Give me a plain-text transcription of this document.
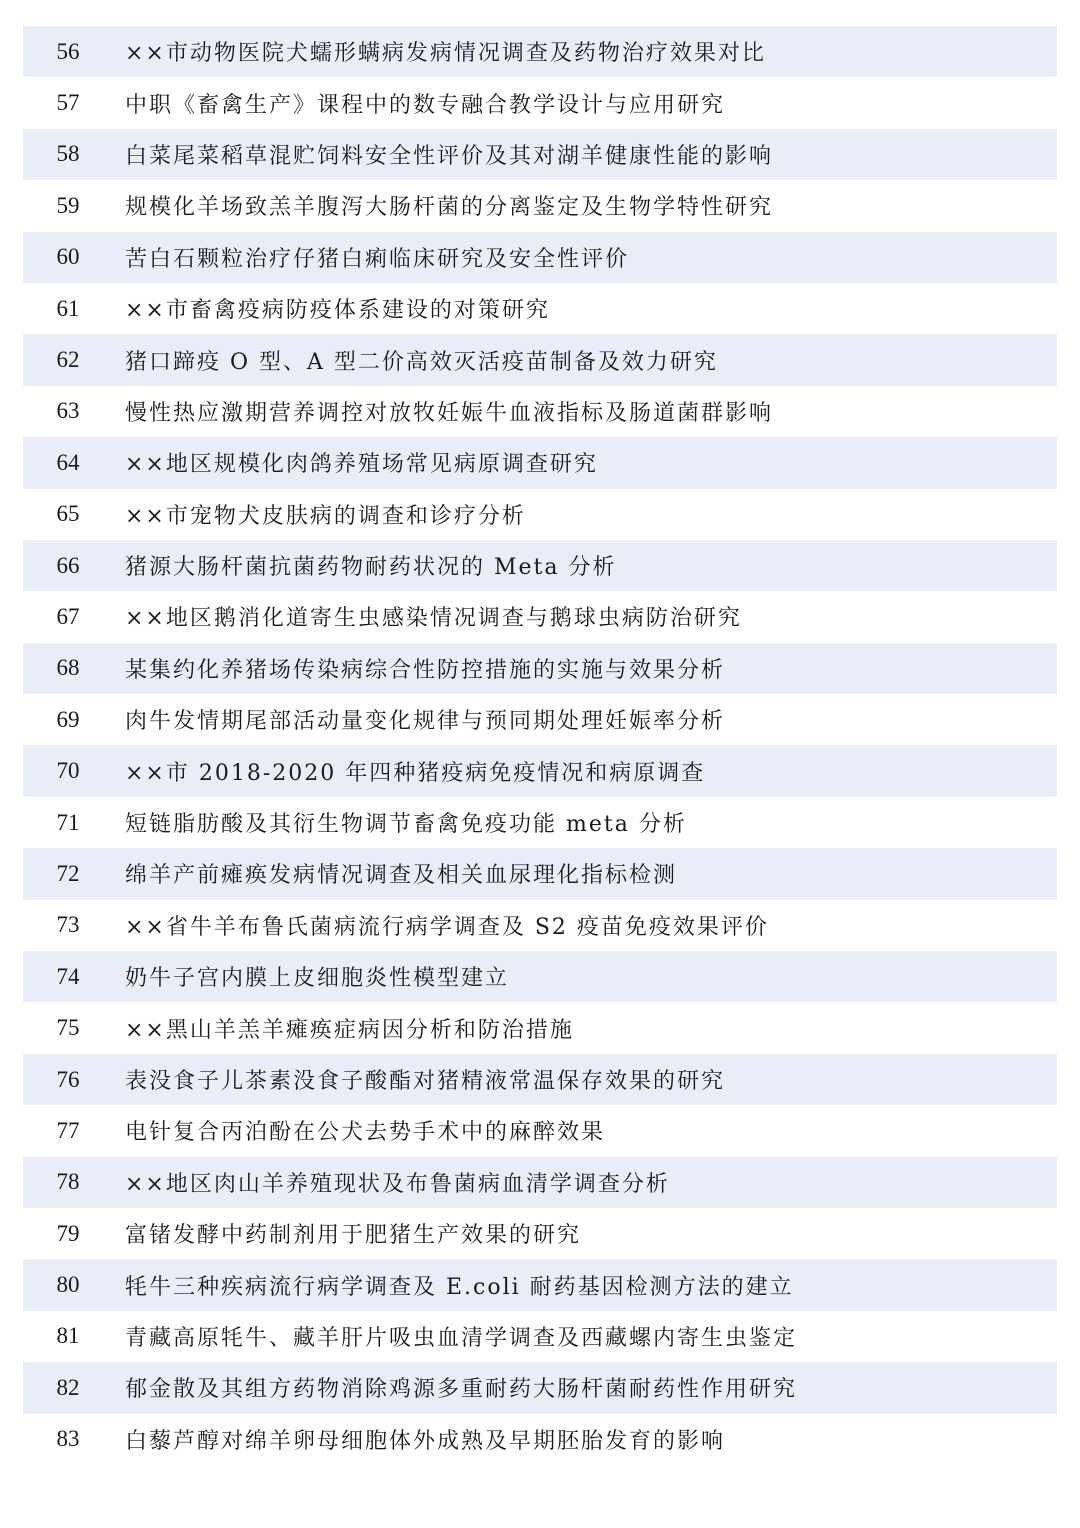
56	××市动物医院犬蠕形螨病发病情况调查及药物治疗效果对比
57	中职《畜禽生产》课程中的数专融合教学设计与应用研究
58	白菜尾菜稻草混贮饲料安全性评价及其对湖羊健康性能的影响
59	规模化羊场致羔羊腹泻大肠杆菌的分离鉴定及生物学特性研究
60	苦白石颗粒治疗仔猪白痢临床研究及安全性评价
61	××市畜禽疫病防疫体系建设的对策研究
62	猪口蹄疫 O 型、A 型二价高效灭活疫苗制备及效力研究
63	慢性热应激期营养调控对放牧妊娠牛血液指标及肠道菌群影响
64	××地区规模化肉鸽养殖场常见病原调查研究
65	××市宠物犬皮肤病的调查和诊疗分析
66	猪源大肠杆菌抗菌药物耐药状况的 Meta 分析
67	××地区鹅消化道寄生虫感染情况调查与鹅球虫病防治研究
68	某集约化养猪场传染病综合性防控措施的实施与效果分析
69	肉牛发情期尾部活动量变化规律与预同期处理妊娠率分析
70	××市 2018-2020 年四种猪疫病免疫情况和病原调查
71	短链脂肪酸及其衍生物调节畜禽免疫功能 meta 分析
72	绵羊产前瘫痪发病情况调查及相关血尿理化指标检测
73	××省牛羊布鲁氏菌病流行病学调查及 S2 疫苗免疫效果评价
74	奶牛子宫内膜上皮细胞炎性模型建立
75	××黑山羊羔羊瘫痪症病因分析和防治措施
76	表没食子儿茶素没食子酸酯对猪精液常温保存效果的研究
77	电针复合丙泊酚在公犬去势手术中的麻醉效果
78	××地区肉山羊养殖现状及布鲁菌病血清学调查分析
79	富锗发酵中药制剂用于肥猪生产效果的研究
80	牦牛三种疾病流行病学调查及 E.coli 耐药基因检测方法的建立
81	青藏高原牦牛、藏羊肝片吸虫血清学调查及西藏螺内寄生虫鉴定
82	郁金散及其组方药物消除鸡源多重耐药大肠杆菌耐药性作用研究
83	白藜芦醇对绵羊卵母细胞体外成熟及早期胚胎发育的影响
